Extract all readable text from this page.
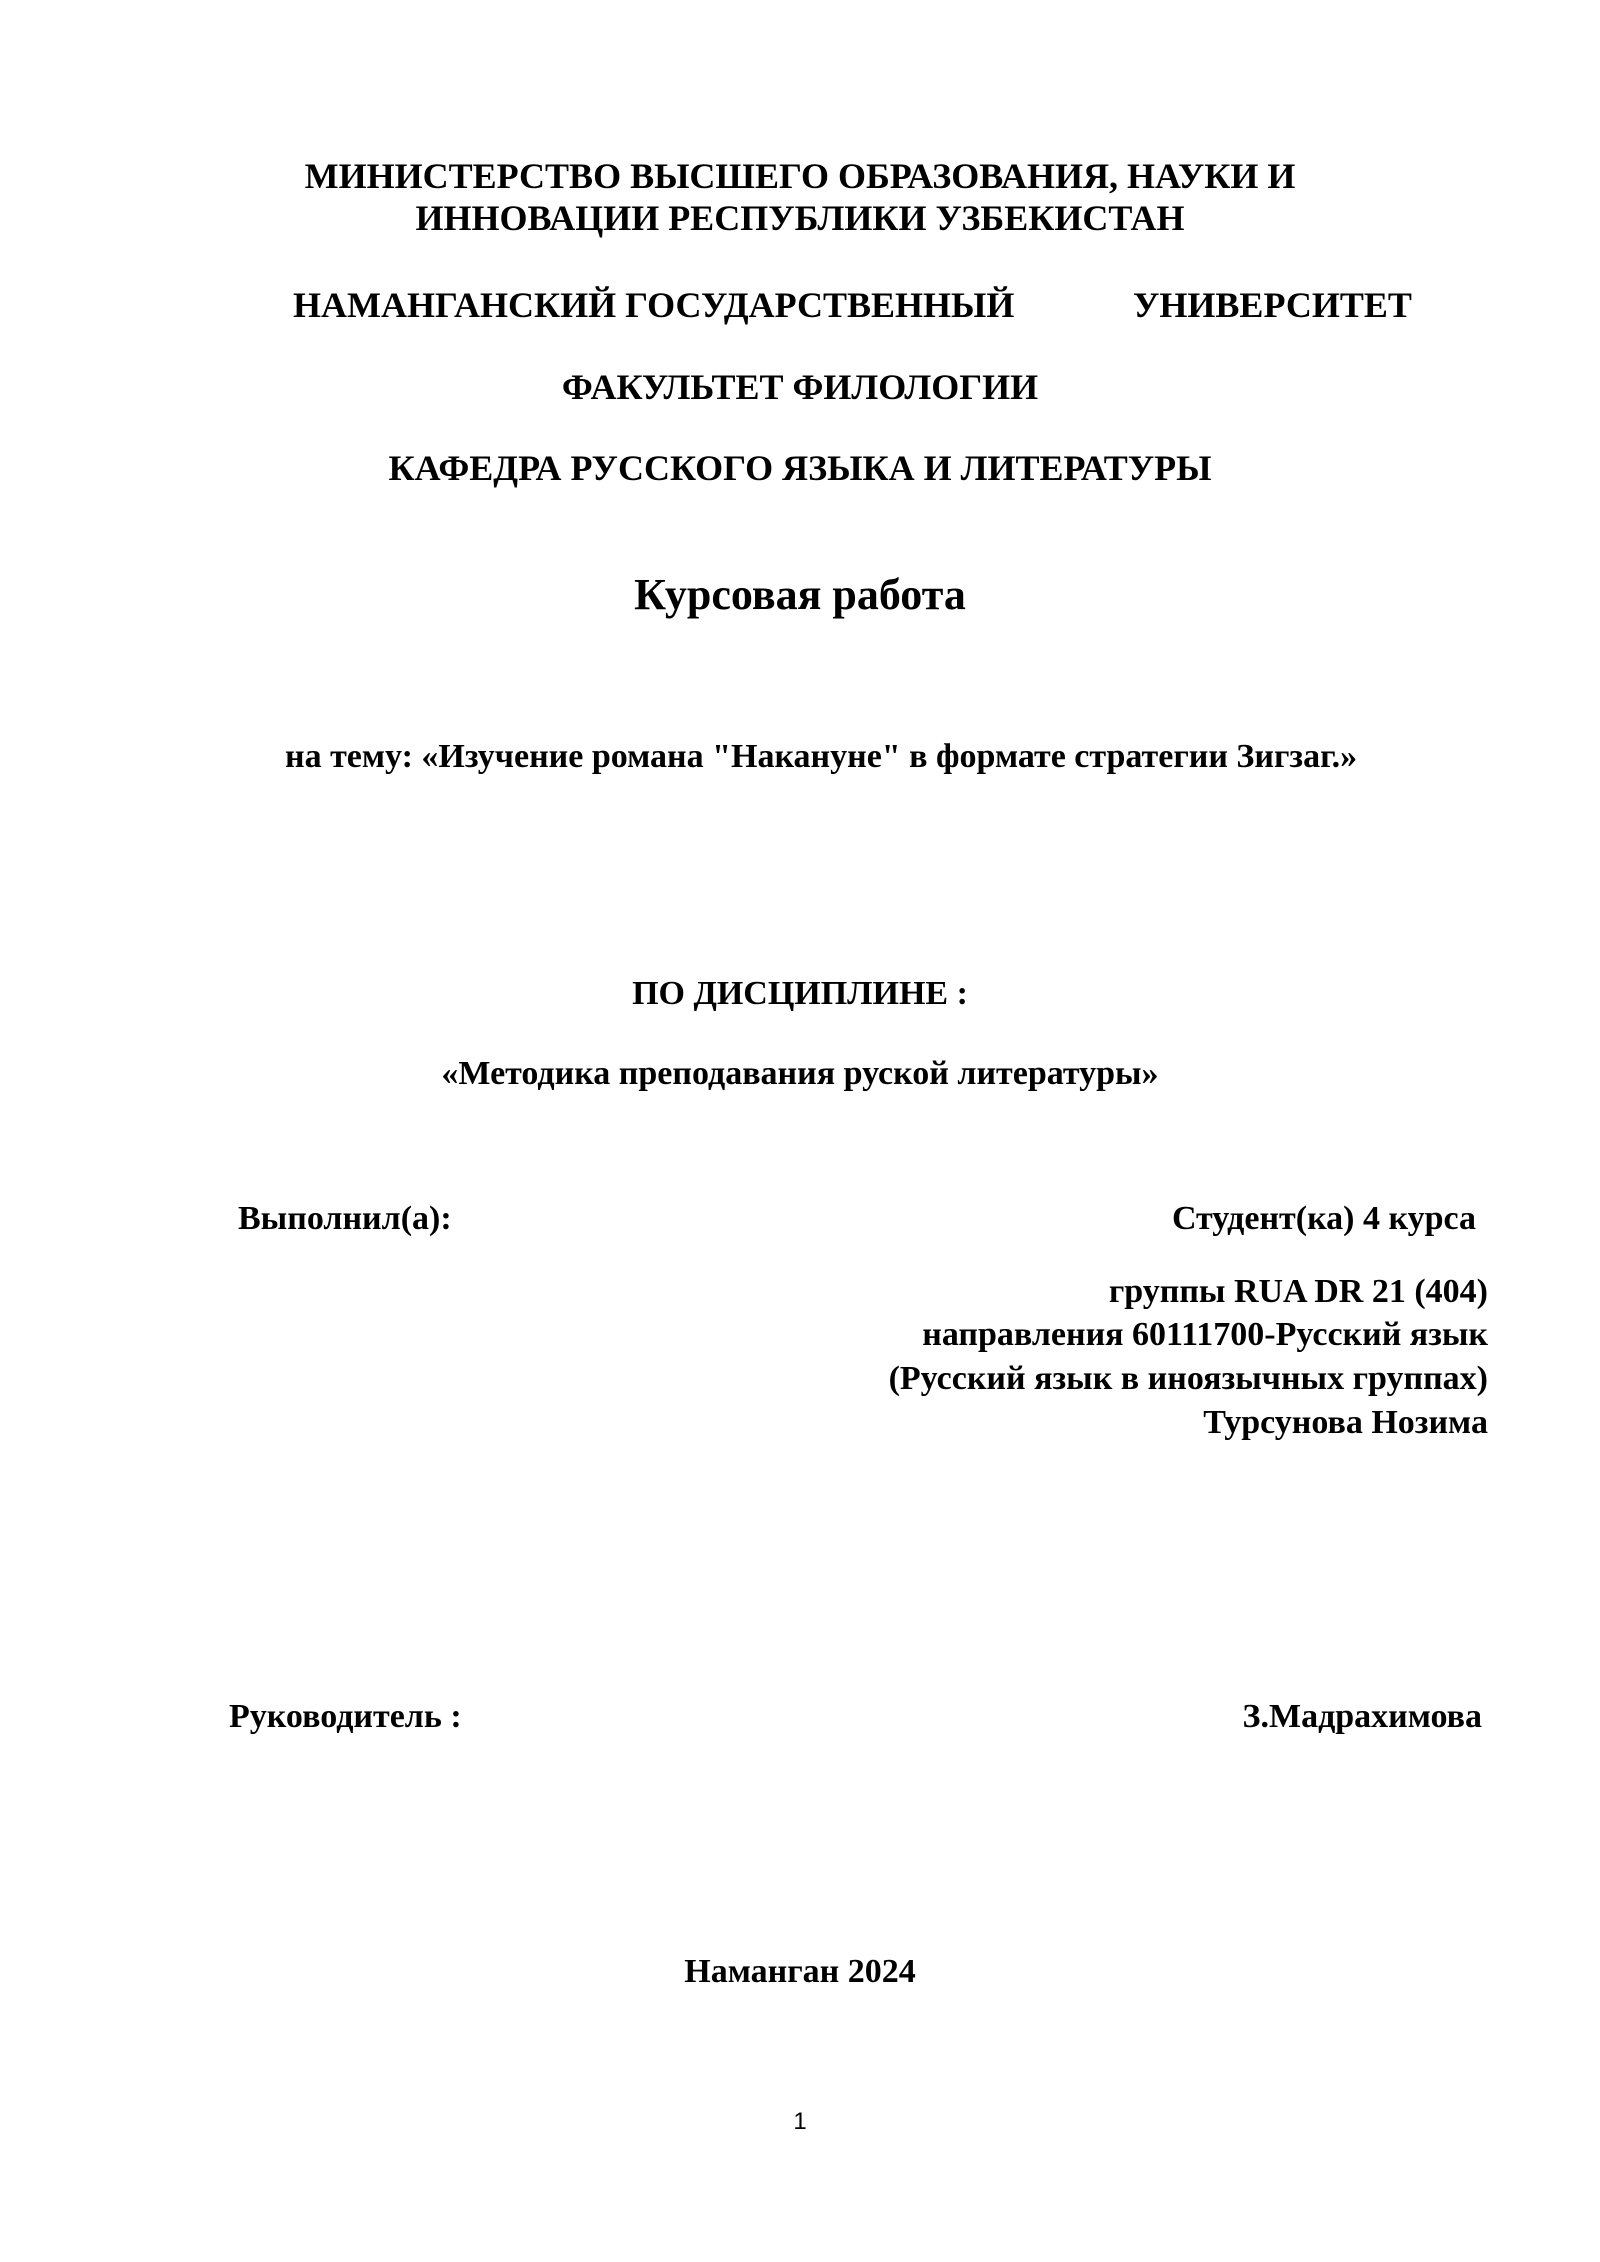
МИНИСТЕРСТВО ВЫСШЕГО ОБРАЗОВАНИЯ, НАУКИ И
ИННОВАЦИИ РЕСПУБЛИКИ УЗБЕКИСТАН
НАМАНГАНСКИЙ ГОСУДАРСТВЕННЫЙ	УНИВЕРСИТЕТ
ФАКУЛЬТЕТ ФИЛОЛОГИИ
КАФЕДРА РУССКОГО ЯЗЫКА И ЛИТЕРАТУРЫ
Курсовая работа
на тему: «Изучение романа "Накануне" в формате стратегии Зигзаг.»
ПО ДИСЦИПЛИНЕ :
«Методика преподавания руской литературы»
Выполнил(а):	Студент(ка) 4 курса
группы RUA DR 21 (404)
направления 60111700-Русский язык
(Русский язык в иноязычных группах)
Турсунова Нозима
Руководитель :	З.Мадрахимова
Наманган 2024
1
